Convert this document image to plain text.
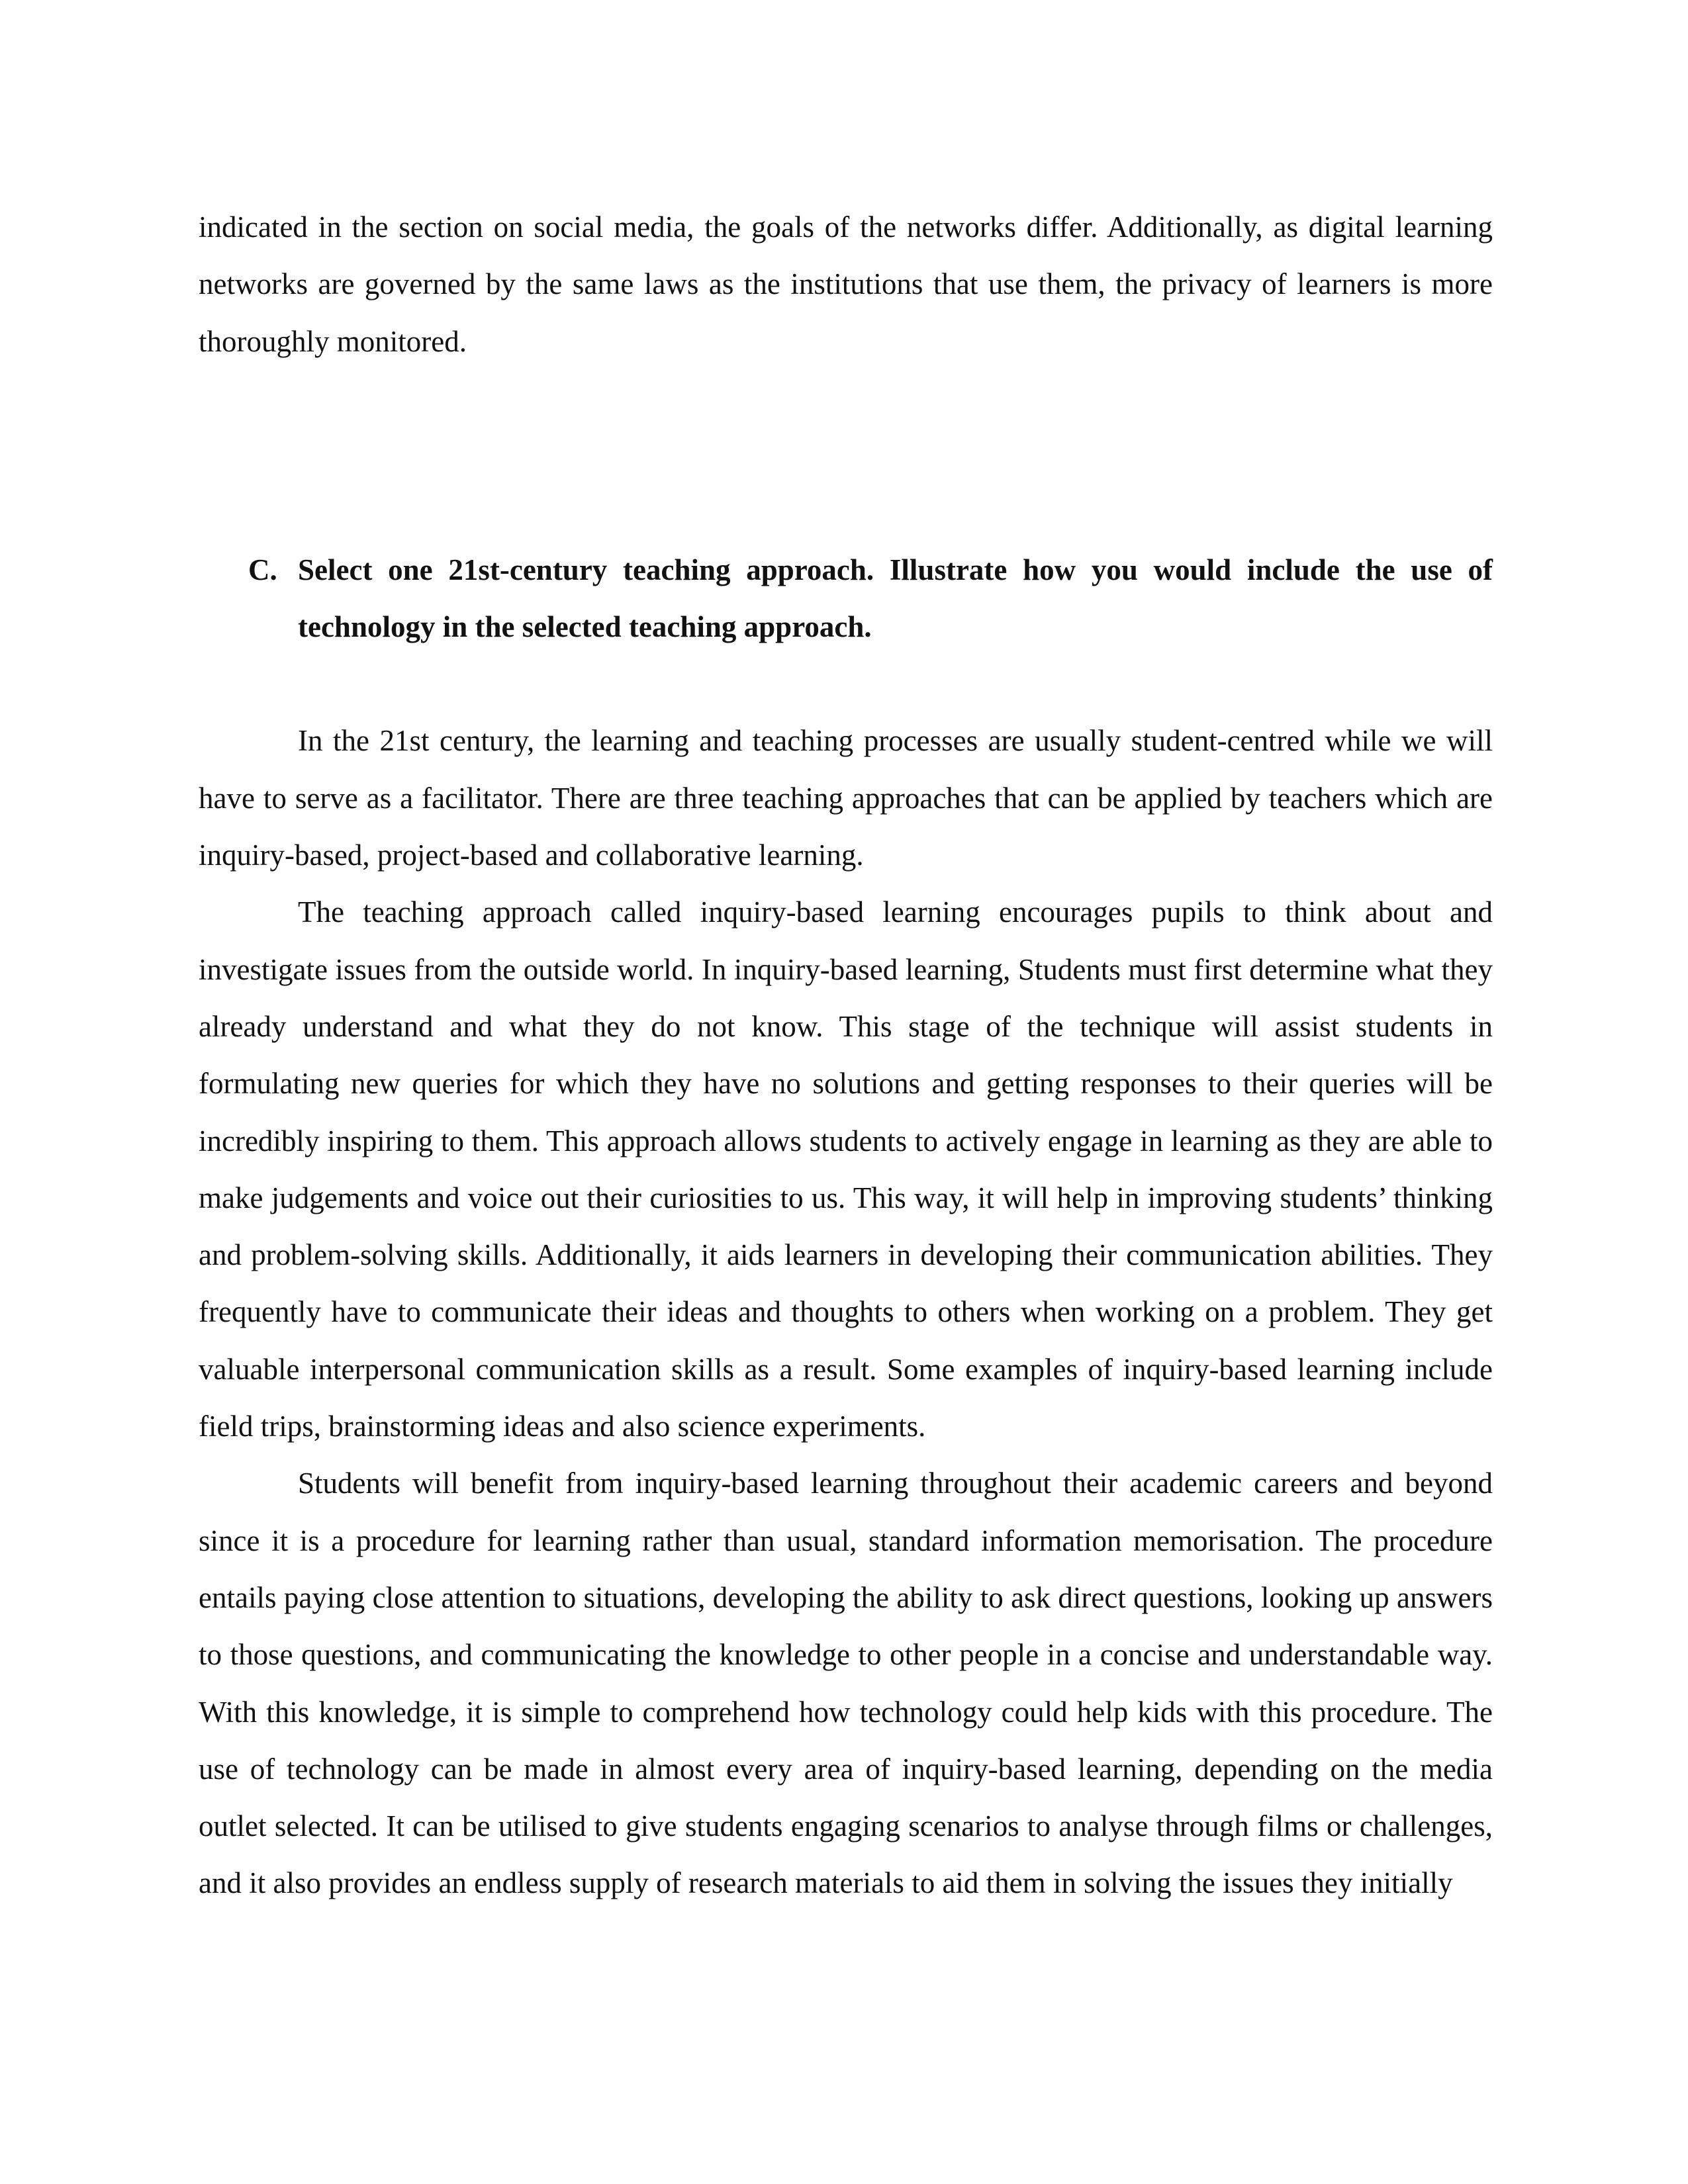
indicated in the section on social media, the goals of the networks differ. Additionally, as digital learning networks are governed by the same laws as the institutions that use them, the privacy of learners is more thoroughly monitored.

C. Select one 21st-century teaching approach. Illustrate how you would include the use of technology in the selected teaching approach.

In the 21st century, the learning and teaching processes are usually student-centred while we will have to serve as a facilitator. There are three teaching approaches that can be applied by teachers which are inquiry-based, project-based and collaborative learning.

The teaching approach called inquiry-based learning encourages pupils to think about and investigate issues from the outside world. In inquiry-based learning, Students must first determine what they already understand and what they do not know. This stage of the technique will assist students in formulating new queries for which they have no solutions and getting responses to their queries will be incredibly inspiring to them. This approach allows students to actively engage in learning as they are able to make judgements and voice out their curiosities to us. This way, it will help in improving students’ thinking and problem-solving skills. Additionally, it aids learners in developing their communication abilities. They frequently have to communicate their ideas and thoughts to others when working on a problem. They get valuable interpersonal communication skills as a result. Some examples of inquiry-based learning include field trips, brainstorming ideas and also science experiments.

Students will benefit from inquiry-based learning throughout their academic careers and beyond since it is a procedure for learning rather than usual, standard information memorisation. The procedure entails paying close attention to situations, developing the ability to ask direct questions, looking up answers to those questions, and communicating the knowledge to other people in a concise and understandable way. With this knowledge, it is simple to comprehend how technology could help kids with this procedure. The use of technology can be made in almost every area of inquiry-based learning, depending on the media outlet selected. It can be utilised to give students engaging scenarios to analyse through films or challenges, and it also provides an endless supply of research materials to aid them in solving the issues they initially
